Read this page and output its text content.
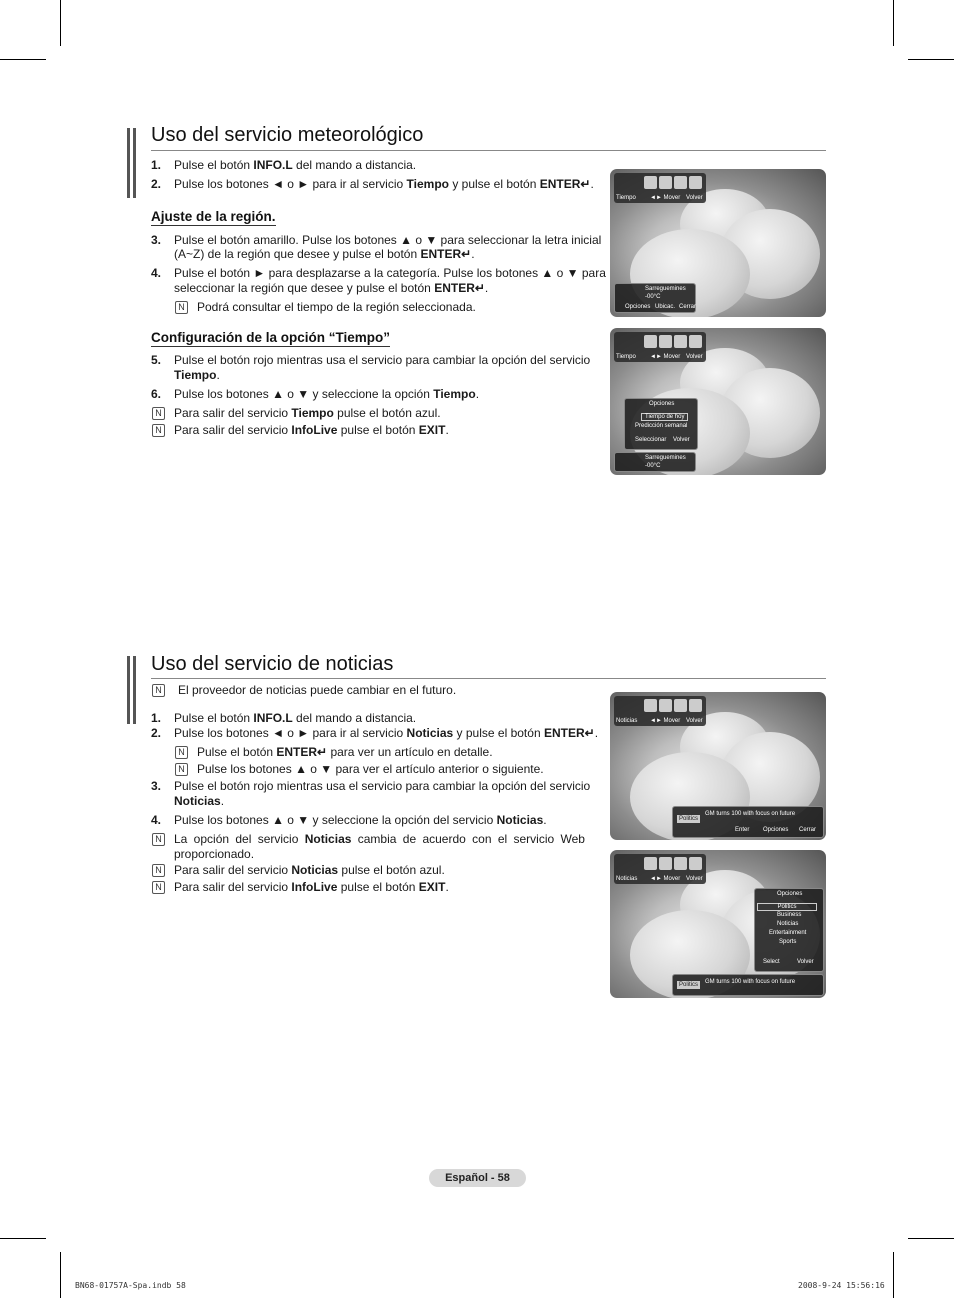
Uso del servicio meteorológico
1. Pulse el botón INFO.L del mando a distancia.
2. Pulse los botones ◄ o ► para ir al servicio Tiempo y pulse el botón ENTER↵.
Ajuste de la región.
3. Pulse el botón amarillo. Pulse los botones ▲ o ▼ para seleccionar la letra inicial
(A~Z) de la región que desee y pulse el botón ENTER↵.
4. Pulse el botón ► para desplazarse a la categoría. Pulse los botones ▲ o ▼ para
seleccionar la región que desee y pulse el botón ENTER↵.
N Podrá consultar el tiempo de la región seleccionada.
Configuración de la opción “Tiempo”
5. Pulse el botón rojo mientras usa el servicio para cambiar la opción del servicio
Tiempo.
6. Pulse los botones ▲ o ▼ y seleccione la opción Tiempo.
N Para salir del servicio Tiempo pulse el botón azul.
N Para salir del servicio InfoLive pulse el botón EXIT.
Tiempo ◄► Mover Volver
Sarreguemines
-00°C
Opciones Ubicac. Cerrar
Tiempo ◄► Mover Volver
Opciones
Tiempo de hoy
Predicción semanal
Seleccionar Volver
Sarreguemines
-00°C
Uso del servicio de noticias
N El proveedor de noticias puede cambiar en el futuro.
1. Pulse el botón INFO.L del mando a distancia.
2. Pulse los botones ◄ o ► para ir al servicio Noticias y pulse el botón ENTER↵.
N Pulse el botón ENTER↵ para ver un artículo en detalle.
N Pulse los botones ▲ o ▼ para ver el artículo anterior o siguiente.
3. Pulse el botón rojo mientras usa el servicio para cambiar la opción del servicio
Noticias.
4. Pulse los botones ▲ o ▼ y seleccione la opción del servicio Noticias.
N La opción del servicio Noticias cambia de acuerdo con el servicio Web
proporcionado.
N Para salir del servicio Noticias pulse el botón azul.
N Para salir del servicio InfoLive pulse el botón EXIT.
Noticias ◄► Mover Volver
Politics
GM turns 100 with focus on future
Enter Opciones Cerrar
Noticias ◄► Mover Volver
Opciones
Politics
Business
Noticias
Entertainment
Sports
Select	Volver
Politics	GM turns 100 with focus on future
Español - 58
BN68-01757A-Spa.indb 58	2008-9-24 15:56:16
